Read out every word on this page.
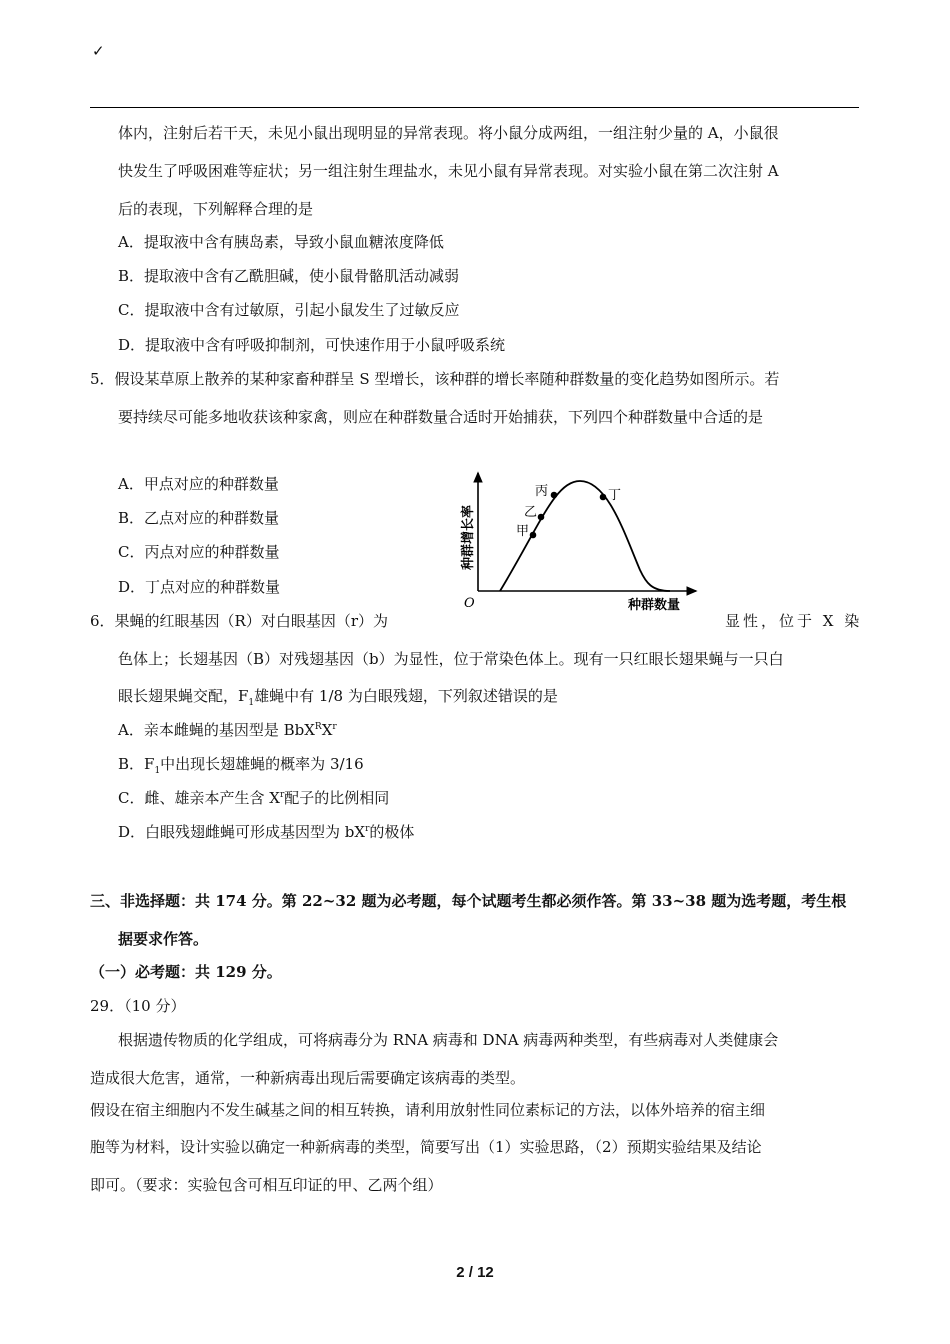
✓
体内，注射后若干天，未见小鼠出现明显的异常表现。将小鼠分成两组，一组注射少量的 A，小鼠很
快发生了呼吸困难等症状；另一组注射生理盐水，未见小鼠有异常表现。对实验小鼠在第二次注射 A
后的表现，下列解释合理的是
A．提取液中含有胰岛素，导致小鼠血糖浓度降低
B．提取液中含有乙酰胆碱，使小鼠骨骼肌活动减弱
C．提取液中含有过敏原，引起小鼠发生了过敏反应
D．提取液中含有呼吸抑制剂，可快速作用于小鼠呼吸系统
5．假设某草原上散养的某种家畜种群呈 S 型增长，该种群的增长率随种群数量的变化趋势如图所示。若
要持续尽可能多地收获该种家禽，则应在种群数量合适时开始捕获，下列四个种群数量中合适的是
A．甲点对应的种群数量
B．乙点对应的种群数量
C．丙点对应的种群数量
D．丁点对应的种群数量
甲
乙
丙	丁
O	种群数量
种群增长率
6．果蝇的红眼基因（R）对白眼基因（r）为	显性，位于 X 染
色体上；长翅基因（B）对残翅基因（b）为显性，位于常染色体上。现有一只红眼长翅果蝇与一只白
眼长翅果蝇交配，$F_1$雄蝇中有 1/8 为白眼残翅，下列叙述错误的是
A．亲本雌蝇的基因型是 $BbX^RX^r$
B．$F_1$中出现长翅雄蝇的概率为 3/16
C．雌、雄亲本产生含 $X^r$配子的比例相同
D．白眼残翅雌蝇可形成基因型为 $bX^r$的极体
三、非选择题：共 174 分。第 22~32 题为必考题，每个试题考生都必须作答。第 33~38 题为选考题，考生根
据要求作答。
（一）必考题：共 129 分。
29．（10 分）
根据遗传物质的化学组成，可将病毒分为 RNA 病毒和 DNA 病毒两种类型，有些病毒对人类健康会
造成很大危害，通常，一种新病毒出现后需要确定该病毒的类型。
假设在宿主细胞内不发生碱基之间的相互转换，请利用放射性同位素标记的方法，以体外培养的宿主细
胞等为材料，设计实验以确定一种新病毒的类型，简要写出（1）实验思路，（2）预期实验结果及结论
即可。（要求：实验包含可相互印证的甲、乙两个组）
2 / 12
